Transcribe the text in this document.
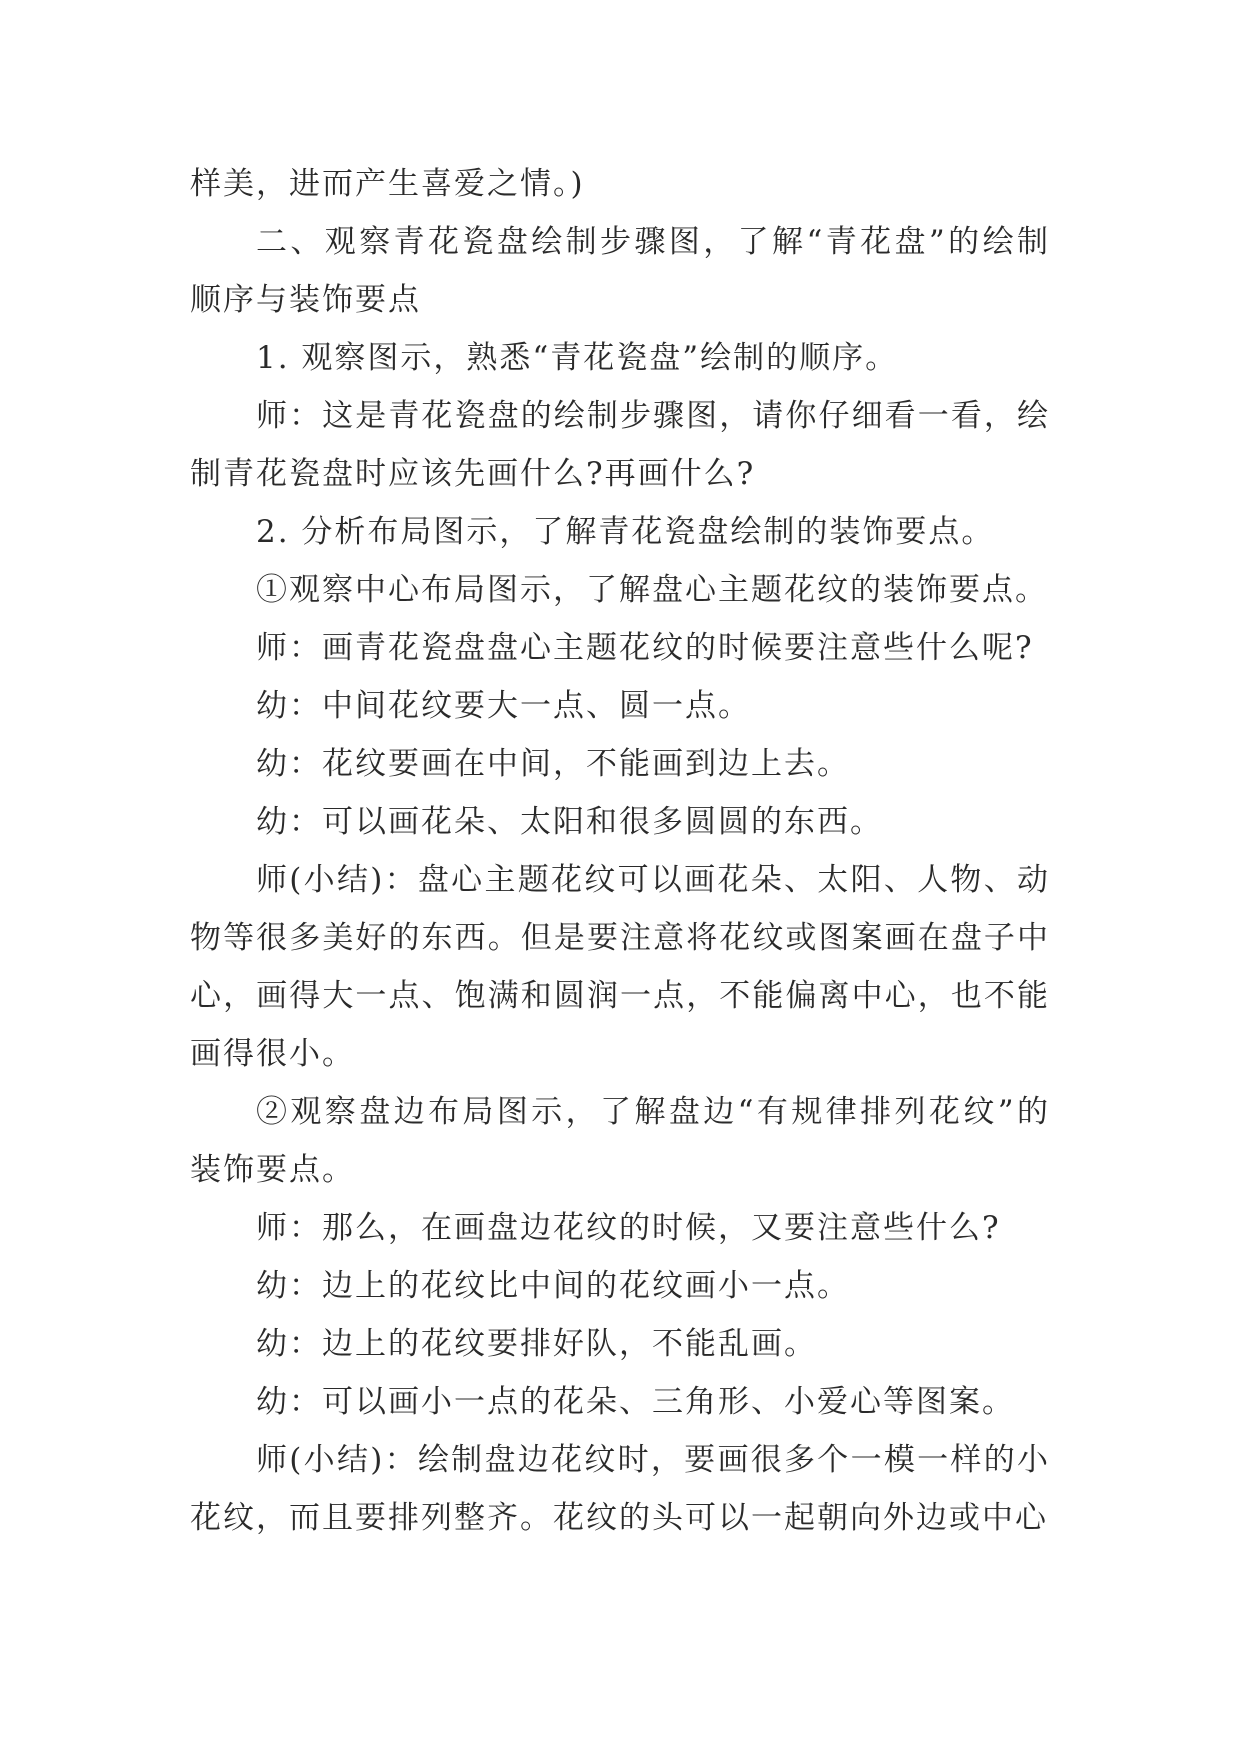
样美，进而产生喜爱之情。)

二、观察青花瓷盘绘制步骤图，了解“青花盘”的绘制顺序与装饰要点

1. 观察图示，熟悉“青花瓷盘”绘制的顺序。

师：这是青花瓷盘的绘制步骤图，请你仔细看一看，绘制青花瓷盘时应该先画什么?再画什么?

2. 分析布局图示，了解青花瓷盘绘制的装饰要点。

①观察中心布局图示，了解盘心主题花纹的装饰要点。

师：画青花瓷盘盘心主题花纹的时候要注意些什么呢?

幼：中间花纹要大一点、圆一点。

幼：花纹要画在中间，不能画到边上去。

幼：可以画花朵、太阳和很多圆圆的东西。

师(小结)：盘心主题花纹可以画花朵、太阳、人物、动物等很多美好的东西。但是要注意将花纹或图案画在盘子中心，画得大一点、饱满和圆润一点，不能偏离中心，也不能画得很小。

②观察盘边布局图示，了解盘边“有规律排列花纹”的装饰要点。

师：那么，在画盘边花纹的时候，又要注意些什么?

幼：边上的花纹比中间的花纹画小一点。

幼：边上的花纹要排好队，不能乱画。

幼：可以画小一点的花朵、三角形、小爱心等图案。

师(小结)：绘制盘边花纹时，要画很多个一模一样的小花纹，而且要排列整齐。花纹的头可以一起朝向外边或中心
